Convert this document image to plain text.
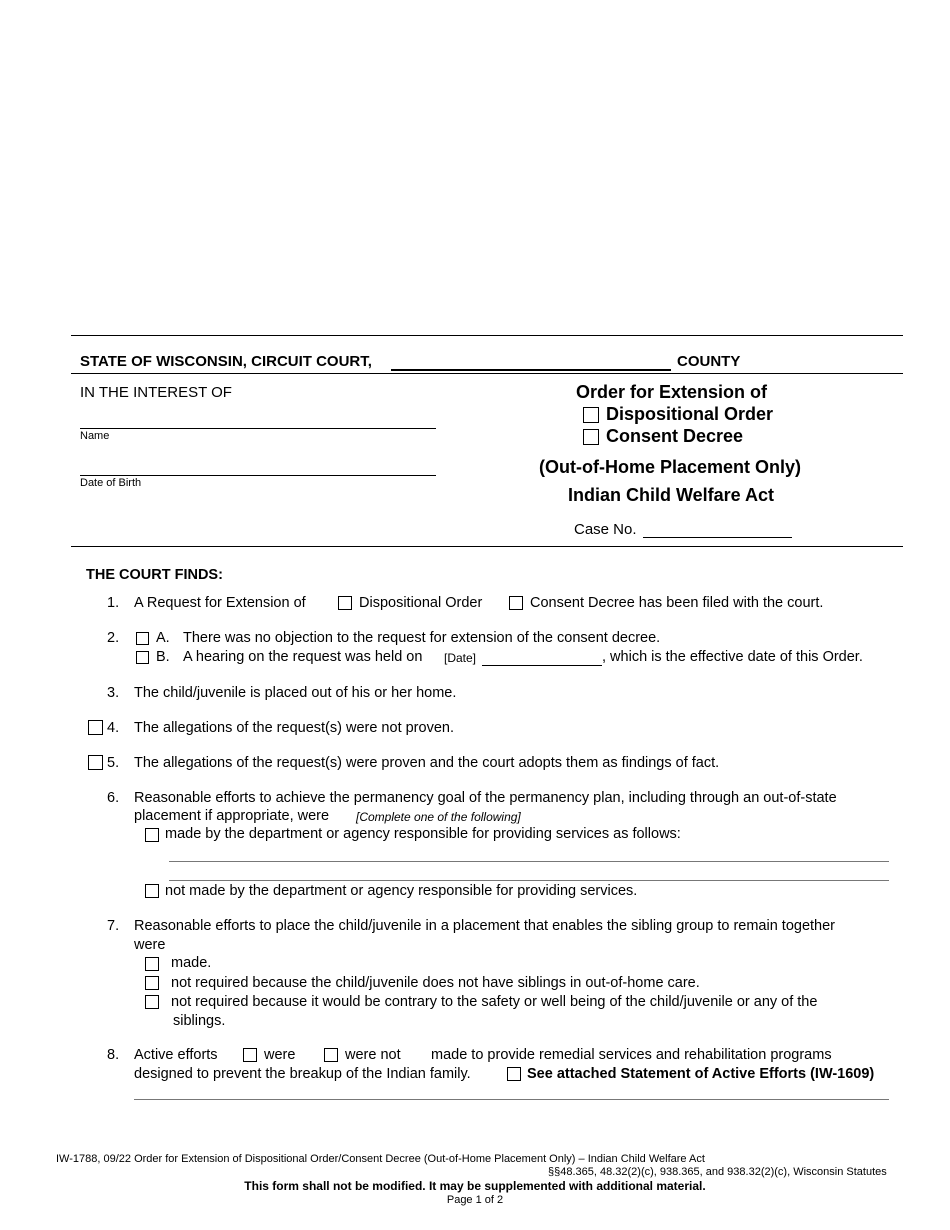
STATE OF WISCONSIN, CIRCUIT COURT,	COUNTY
IN THE INTEREST OF
Name
Date of Birth
Order for Extension of
Dispositional Order
Consent Decree
(Out-of-Home Placement Only)
Indian Child Welfare Act
Case No.
THE COURT FINDS:
1. A Request for Extension of	Dispositional Order	Consent Decree has been filed with the court.
2.	A. There was no objection to the request for extension of the consent decree.
B. A hearing on the request was held on [Date]	, which is the effective date of this Order.
3. The child/juvenile is placed out of his or her home.
4. The allegations of the request(s) were not proven.
5. The allegations of the request(s) were proven and the court adopts them as findings of fact.
6. Reasonable efforts to achieve the permanency goal of the permanency plan, including through an out-of-state
placement if appropriate, were [Complete one of the following]
made by the department or agency responsible for providing services as follows:
not made by the department or agency responsible for providing services.
7. Reasonable efforts to place the child/juvenile in a placement that enables the sibling group to remain together
were
made.
not required because the child/juvenile does not have siblings in out-of-home care.
not required because it would be contrary to the safety or well being of the child/juvenile or any of the
siblings.
8. Active efforts	were	were not made to provide remedial services and rehabilitation programs
designed to prevent the breakup of the Indian family.	See attached Statement of Active Efforts (IW-1609)
IW-1788, 09/22 Order for Extension of Dispositional Order/Consent Decree (Out-of-Home Placement Only) – Indian Child Welfare Act
§§48.365, 48.32(2)(c), 938.365, and 938.32(2)(c), Wisconsin Statutes
This form shall not be modified. It may be supplemented with additional material.
Page 1 of 2
